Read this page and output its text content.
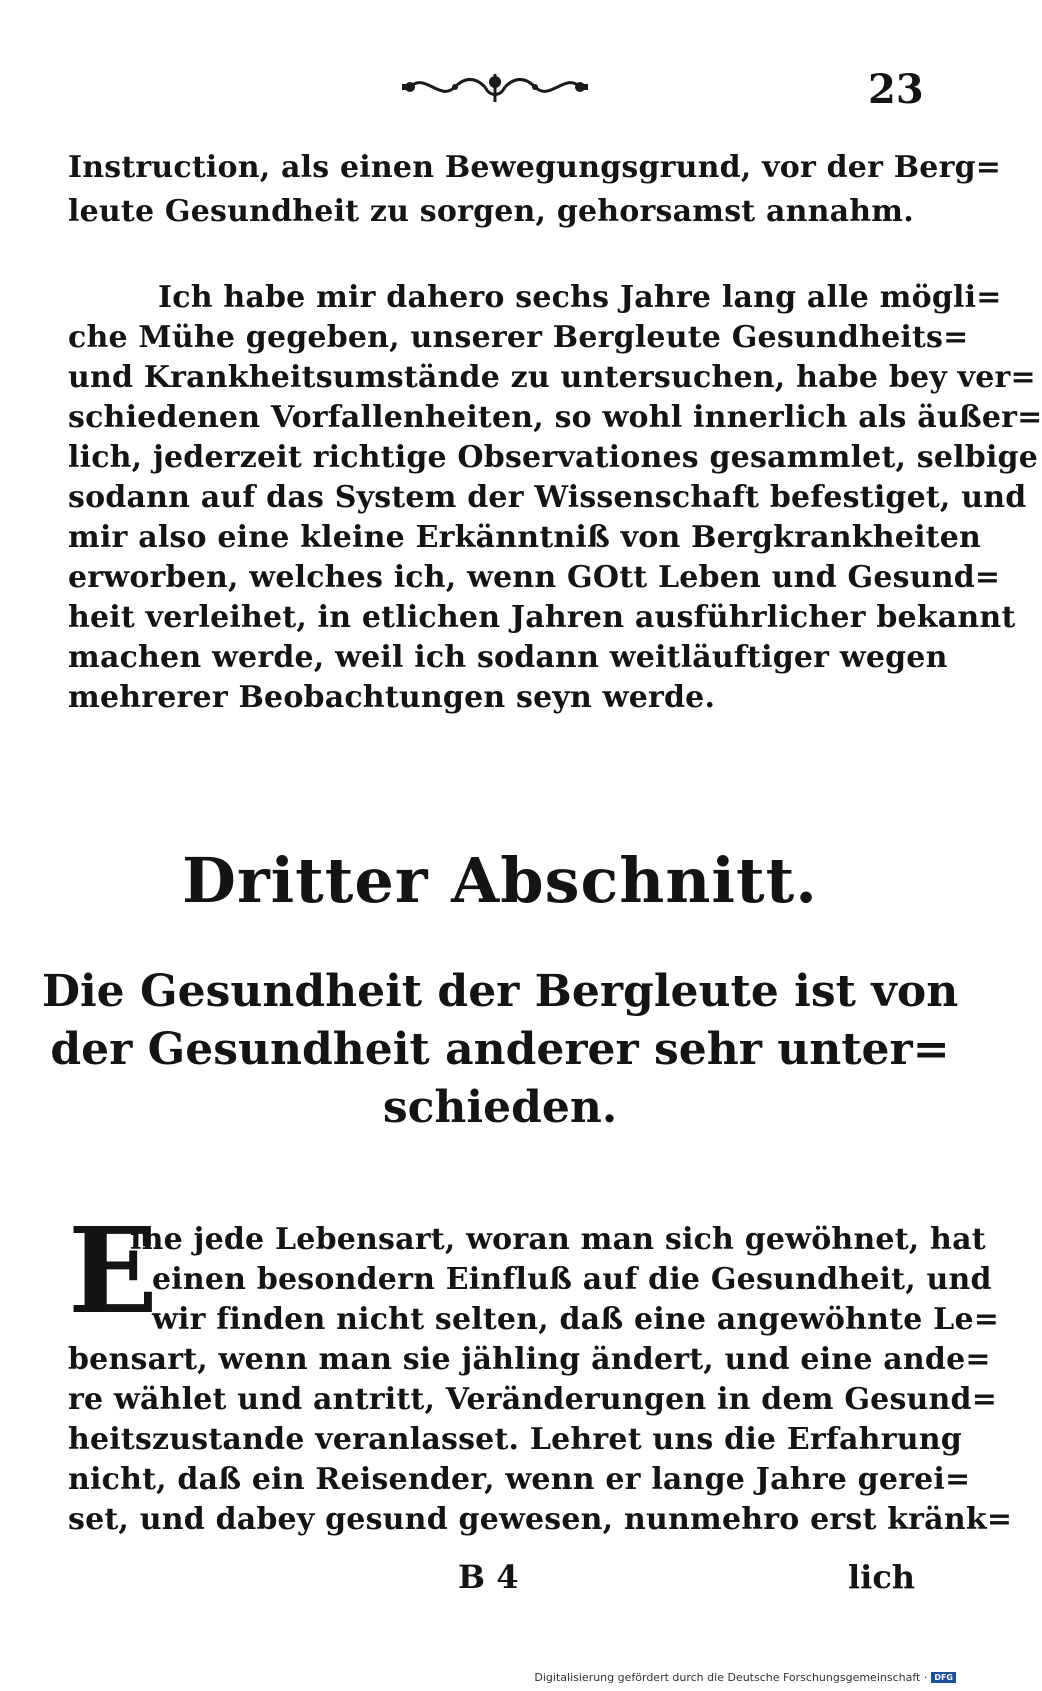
23
Instruction, als einen Bewegungsgrund, vor der Berg=
leute Gesundheit zu sorgen, gehorsamst annahm.
Ich habe mir dahero sechs Jahre lang alle mögli=
che Mühe gegeben, unserer Bergleute Gesundheits=
und Krankheitsumstände zu untersuchen, habe bey ver=
schiedenen Vorfallenheiten, so wohl innerlich als äußer=
lich, jederzeit richtige Observationes gesammlet, selbige
sodann auf das System der Wissenschaft befestiget, und
mir also eine kleine Erkänntniß von Bergkrankheiten
erworben, welches ich, wenn GOtt Leben und Gesund=
heit verleihet, in etlichen Jahren ausführlicher bekannt
machen werde, weil ich sodann weitläuftiger wegen
mehrerer Beobachtungen seyn werde.
Dritter Abschnitt.
Die Gesundheit der Bergleute ist von
der Gesundheit anderer sehr unter=
schieden.
E
ine jede Lebensart, woran man sich gewöhnet, hat
einen besondern Einfluß auf die Gesundheit, und
wir finden nicht selten, daß eine angewöhnte Le=
bensart, wenn man sie jähling ändert, und eine ande=
re wählet und antritt, Veränderungen in dem Gesund=
heitszustande veranlasset. Lehret uns die Erfahrung
nicht, daß ein Reisender, wenn er lange Jahre gerei=
set, und dabey gesund gewesen, nunmehro erst kränk=
B 4	lich
Digitalisierung gefördert durch die Deutsche Forschungsgemeinschaft · DFG
